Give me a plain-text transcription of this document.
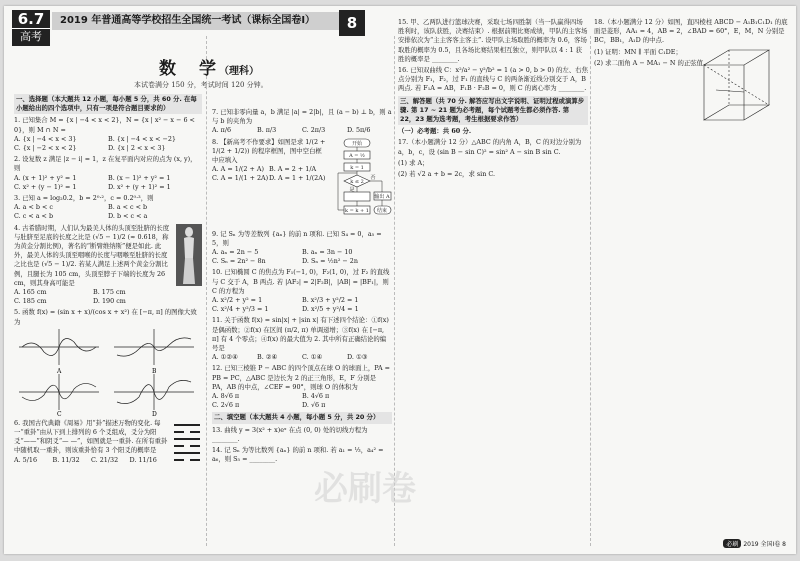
6.7
高考
2019 年普通高等学校招生全国统一考试（课标全国卷Ⅰ）	8
数　学（理科）
本试卷满分 150 分，考试时间 120 分钟。
一、选择题（本大题共 12 小题，每小题 5 分，共 60 分. 在每小题给出的四个选项中，只有一项是符合题目要求的）
1. 已知集合 M = {x | −4 < x < 2}，N = {x | x² − x − 6 < 0}，则 M ∩ N =
A. {x | −4 < x < 3}	B. {x | −4 < x < −2}
C. {x | −2 < x < 2}	D. {x | 2 < x < 3}
2. 设复数 z 满足 |z − i| = 1，z 在复平面内对应的点为 (x, y)，则
A. (x + 1)² + y² = 1	B. (x − 1)² + y² = 1
C. x² + (y − 1)² = 1	D. x² + (y + 1)² = 1
3. 已知 a = log₂0.2，b = 2⁰·²，c = 0.2⁰·³，则
A. a < b < c	B. a < c < b
C. c < a < b	D. b < c < a
4. 古希腊时期，人们认为最美人体的头顶至肚脐的长度与肚脐至足底的长度之比是 (√5 − 1)/2 (≈ 0.618，称为黄金分割比例)，著名的“断臂维纳斯”便是如此. 此外，最美人体的头顶至咽喉的长度与咽喉至肚脐的长度之比也是 (√5 − 1)/2. 若某人满足上述两个黄金分割比例，且腿长为 105 cm，头顶至脖子下端的长度为 26 cm，则其身高可能是
A. 165 cm	B. 175 cm
C. 185 cm	D. 190 cm
5. 函数 f(x) = (sin x + x)/(cos x + x²) 在 [−π, π] 的图像大致为
A	B
C	D
6. 我国古代典籍《周易》用“卦”描述万物的变化. 每一“重卦”由从下到上排列的 6 个爻组成，爻分为阳爻“——”和阴爻“— —”，如图就是一重卦. 在所有重卦中随机取一重卦，则该重卦恰有 3 个阳爻的概率是
A. 5/16	B. 11/32	C. 21/32	D. 11/16
7. 已知非零向量 a，b 满足 |a| = 2|b|，且 (a − b) ⊥ b，则 a 与 b 的夹角为
A. π/6	B. π/3	C. 2π/3	D. 5π/6
开始
A = ½
k = 1
k ≤ 2
是
否
k = k + 1
输出 A
结束
8. 【新高考不作要求】如图是求 1/(2 + 1/(2 + 1/2)) 的程序框图，图中空白框中应填入
A. A = 1/(2 + A) B. A = 2 + 1/A
C. A = 1/(1 + 2A) D. A = 1 + 1/(2A)
9. 记 Sₙ 为等差数列 {aₙ} 的前 n 项和. 已知 S₄ = 0，a₅ = 5，则
A. aₙ = 2n − 5	B. aₙ = 3n − 10
C. Sₙ = 2n² − 8n	D. Sₙ = ½n² − 2n
10. 已知椭圆 C 的焦点为 F₁(−1, 0)，F₂(1, 0)，过 F₂ 的直线与 C 交于 A，B 两点. 若 |AF₂| = 2|F₂B|，|AB| = |BF₁|，则 C 的方程为
A. x²/2 + y² = 1	B. x²/3 + y²/2 = 1
C. x²/4 + y²/3 = 1	D. x²/5 + y²/4 = 1
11. 关于函数 f(x) = sin|x| + |sin x| 有下述四个结论：①f(x) 是偶函数；②f(x) 在区间 (π/2, π) 单调递增；③f(x) 在 [−π, π] 有 4 个零点；④f(x) 的最大值为 2. 其中所有正确结论的编号是
A. ①②④	B. ②④	C. ①④	D. ①③
12. 已知三棱锥 P − ABC 的四个顶点在球 O 的球面上，PA = PB = PC，△ABC 是边长为 2 的正三角形，E，F 分别是 PA，AB 的中点，∠CEF = 90°，则球 O 的体积为
A. 8√6 π	B. 4√6 π
C. 2√6 π	D. √6 π
二、填空题（本大题共 4 小题，每小题 5 分，共 20 分）
13. 曲线 y = 3(x² + x)eˣ 在点 (0, 0) 处的切线方程为 ________.
14. 记 Sₙ 为等比数列 {aₙ} 的前 n 项和. 若 a₁ = ⅓，a₄² = a₆，则 S₅ = ________.
15. 甲、乙两队进行篮球决赛，采取七场四胜制（当一队赢得四场胜利时，该队获胜，决赛结束）. 根据前期比赛成绩，甲队的主客场安排依次为“主主客客主客主”. 设甲队主场取胜的概率为 0.6，客场取胜的概率为 0.5，且各场比赛结果相互独立，则甲队以 4 : 1 获胜的概率是 ________.
16. 已知双曲线 C：x²/a² − y²/b² = 1 (a > 0, b > 0) 的左、右焦点分别为 F₁，F₂，过 F₁ 的直线与 C 的两条渐近线分别交于 A，B 两点. 若 F₁A = AB，F₁B · F₂B = 0，则 C 的离心率为 ________.
三、解答题（共 70 分. 解答应写出文字说明、证明过程或演算步骤. 第 17 ~ 21 题为必考题，每个试题考生都必须作答. 第 22，23 题为选考题，考生根据要求作答）
（一）必考题：共 60 分.
17.（本小题满分 12 分）△ABC 的内角 A，B，C 的对边分别为 a，b，c，设 (sin B − sin C)² = sin² A − sin B sin C.
(1) 求 A；
(2) 若 √2 a + b = 2c，求 sin C.
18.（本小题满分 12 分）如图，直四棱柱 ABCD − A₁B₁C₁D₁ 的底面是菱形，AA₁ = 4，AB = 2，∠BAD = 60°，E，M，N 分别是 BC，BB₁，A₁D 的中点.
(1) 证明：MN ∥ 平面 C₁DE；
(2) 求二面角 A − MA₁ − N 的正弦值.
必刷卷
必刷 2019 全国Ⅰ卷 8
